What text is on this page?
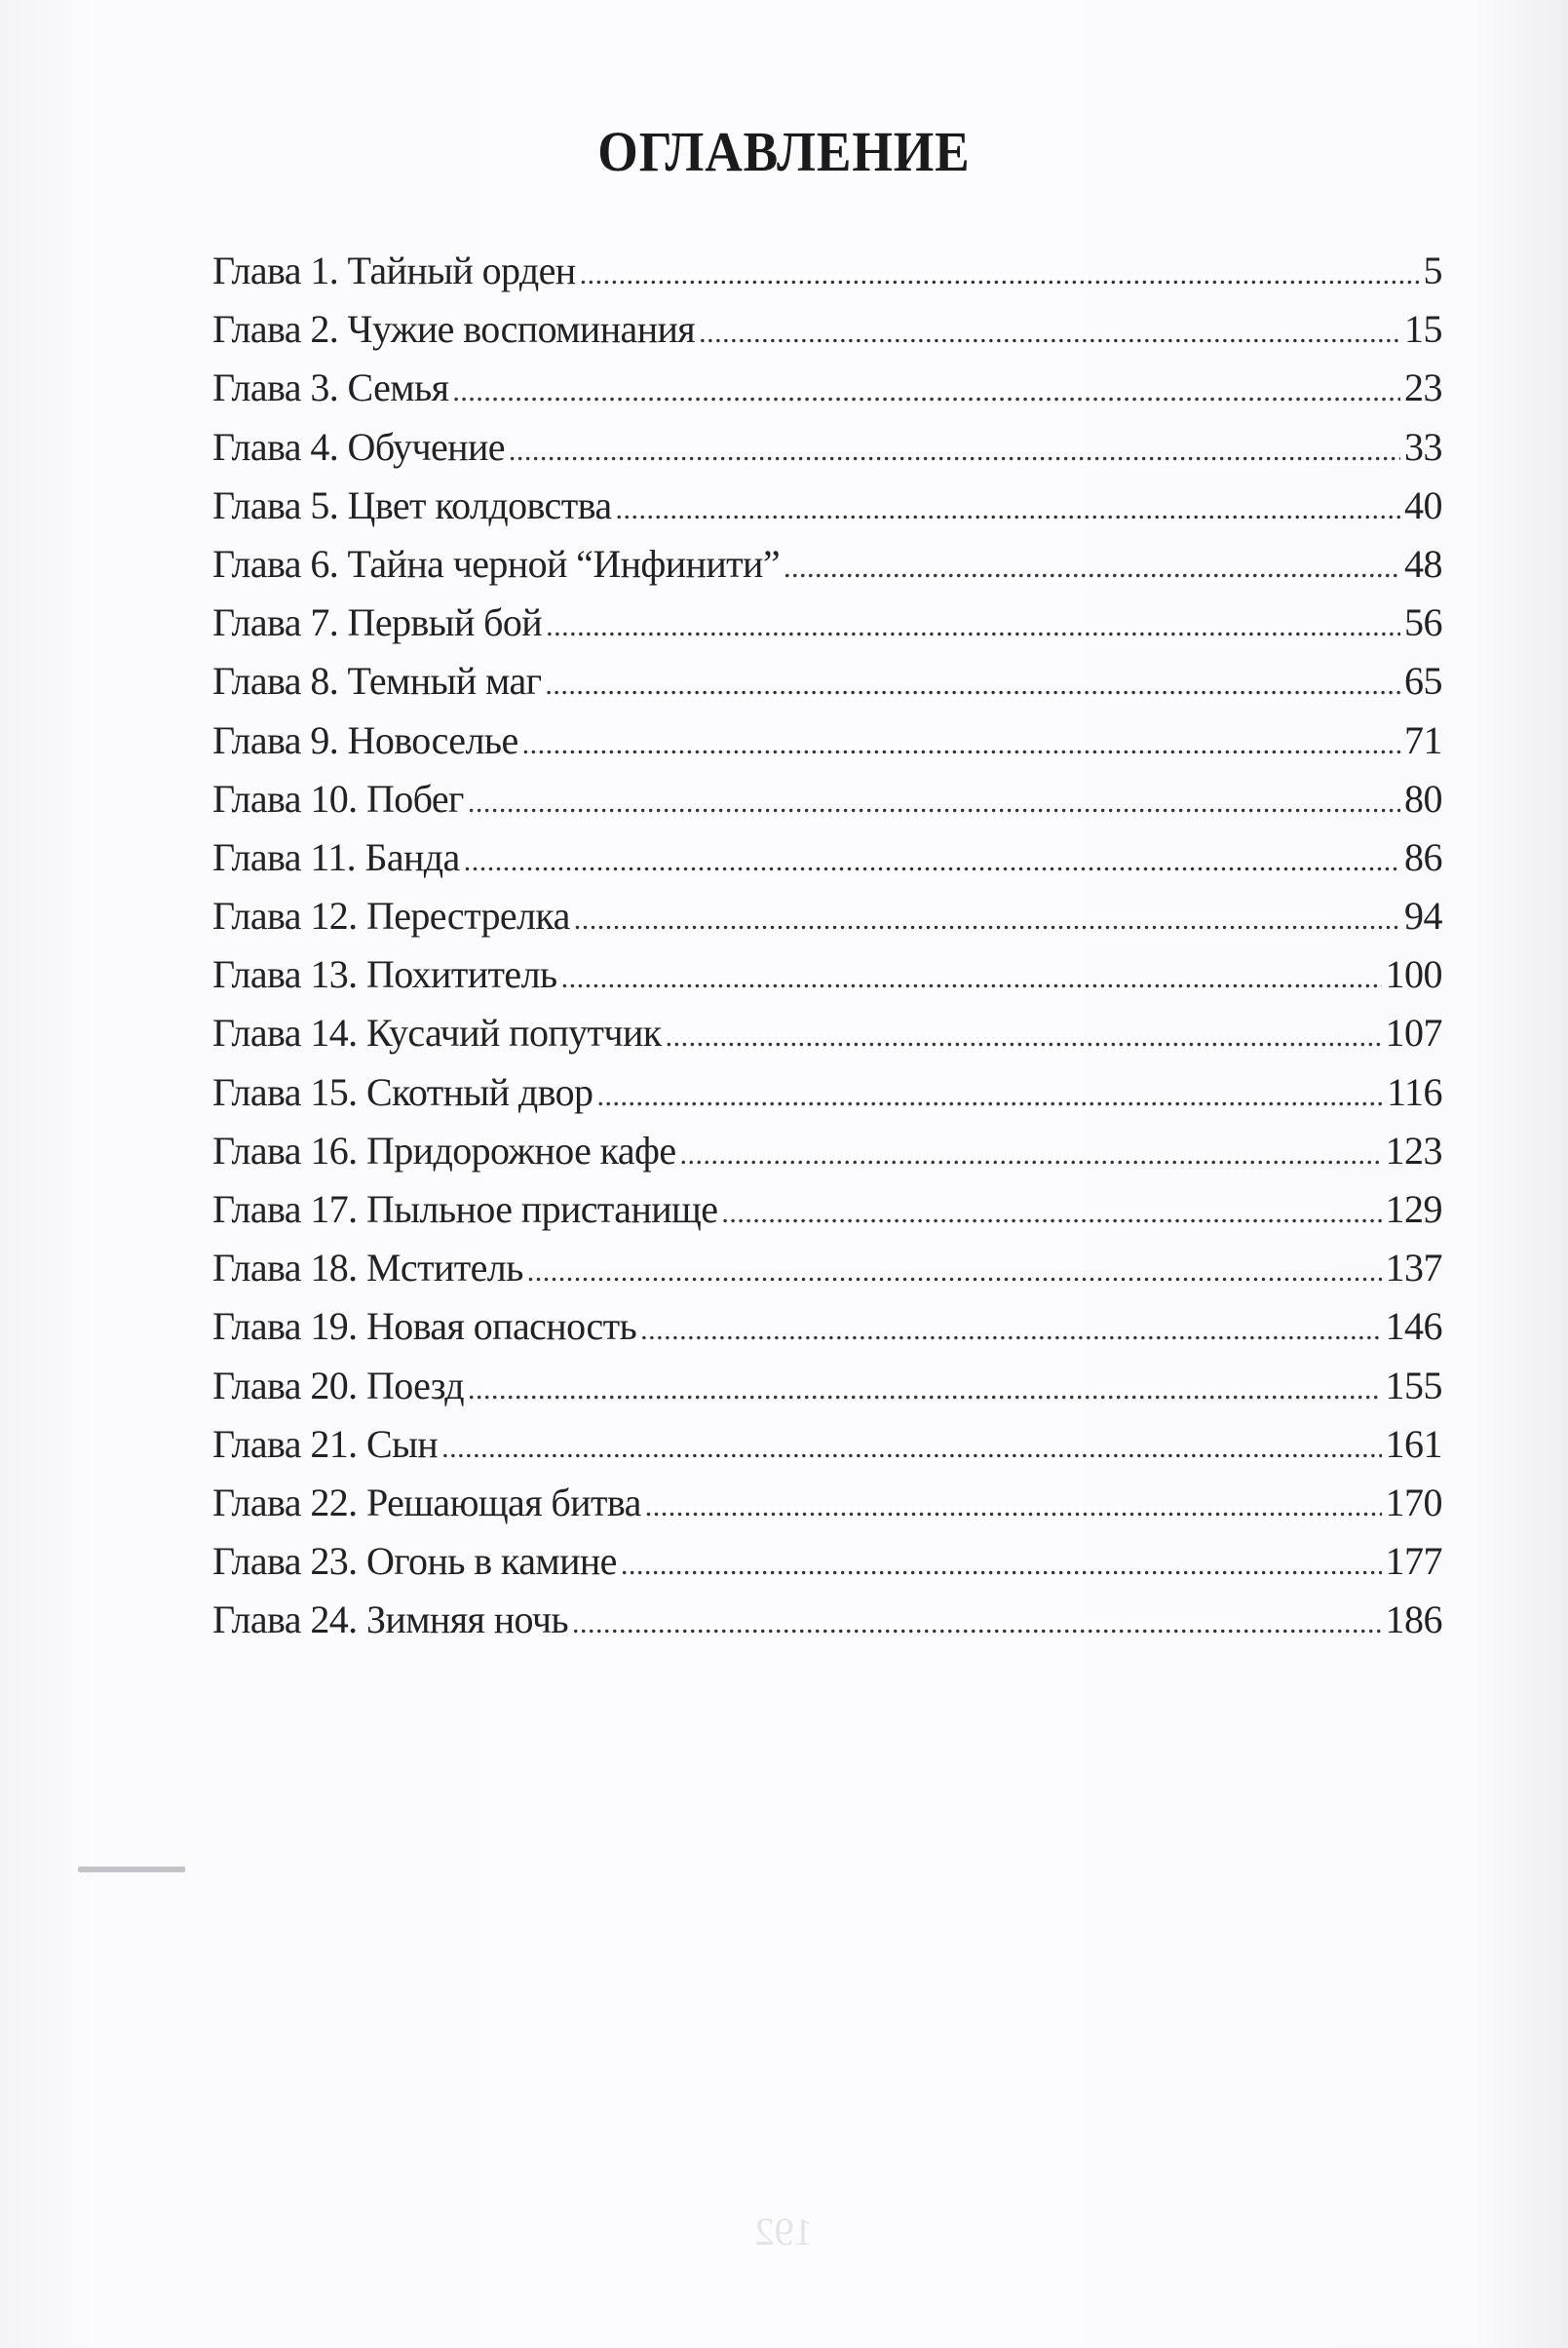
ОГЛАВЛЕНИЕ
Глава 1. Тайный орден .....	5
Глава 2. Чужие воспоминания .....	15
Глава 3. Семья .....	23
Глава 4. Обучение .....	33
Глава 5. Цвет колдовства .....	40
Глава 6. Тайна черной “Инфинити” .....	48
Глава 7. Первый бой .....	56
Глава 8. Темный маг .....	65
Глава 9. Новоселье .....	71
Глава 10. Побег .....	80
Глава 11. Банда .....	86
Глава 12. Перестрелка .....	94
Глава 13. Похититель .....	100
Глава 14. Кусачий попутчик .....	107
Глава 15. Скотный двор .....	116
Глава 16. Придорожное кафе .....	123
Глава 17. Пыльное пристанище .....	129
Глава 18. Мститель .....	137
Глава 19. Новая опасность .....	146
Глава 20. Поезд .....	155
Глава 21. Сын .....	161
Глава 22. Решающая битва .....	170
Глава 23. Огонь в камине .....	177
Глава 24. Зимняя ночь .....	186
192
